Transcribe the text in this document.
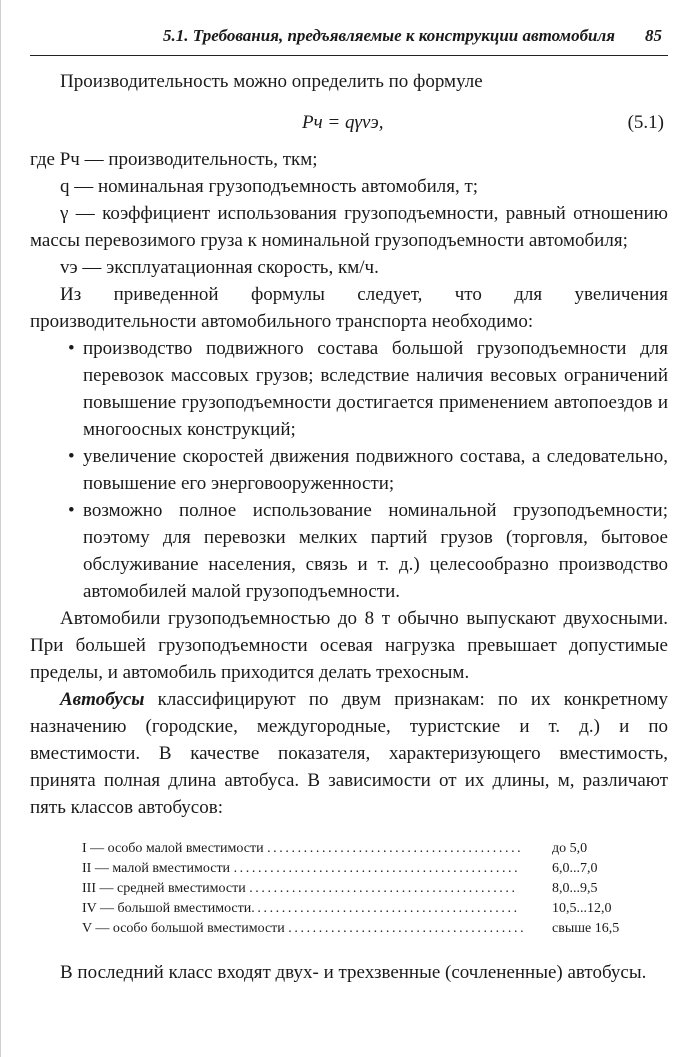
5.1. Требования, предъявляемые к конструкции автомобиля 85

Производительность можно определить по формуле

Pч = qγvэ,	(5.1)

где Pч — производительность, ткм;

q — номинальная грузоподъемность автомобиля, т;

γ — коэффициент использования грузоподъемности, равный отношению массы перевозимого груза к номинальной грузоподъемности автомобиля;

vэ — эксплуатационная скорость, км/ч.

Из приведенной формулы следует, что для увеличения производительности автомобильного транспорта необходимо:

• производство подвижного состава большой грузоподъемности для перевозок массовых грузов; вследствие наличия весовых ограничений повышение грузоподъемности достигается применением автопоездов и многоосных конструкций;
• увеличение скоростей движения подвижного состава, а следовательно, повышение его энерговооруженности;
• возможно полное использование номинальной грузоподъемности; поэтому для перевозки мелких партий грузов (торговля, бытовое обслуживание населения, связь и т. д.) целесообразно производство автомобилей малой грузоподъемности.

Автомобили грузоподъемностью до 8 т обычно выпускают двухосными. При большей грузоподъемности осевая нагрузка превышает допустимые пределы, и автомобиль приходится делать трехосным.

Автобусы классифицируют по двум признакам: по их конкретному назначению (городские, междугородные, туристские и т. д.) и по вместимости. В качестве показателя, характеризующего вместимость, принята полная длина автобуса. В зависимости от их длины, м, различают пять классов автобусов:

I — особо малой вместимости ..........................................	до 5,0
II — малой вместимости ...............................................	6,0...7,0
III — средней вместимости ............................................	8,0...9,5
IV — большой вместимости............................................	10,5...12,0
V — особо большой вместимости .......................................	свыше 16,5

В последний класс входят двух- и трехзвенные (сочлененные) автобусы.
